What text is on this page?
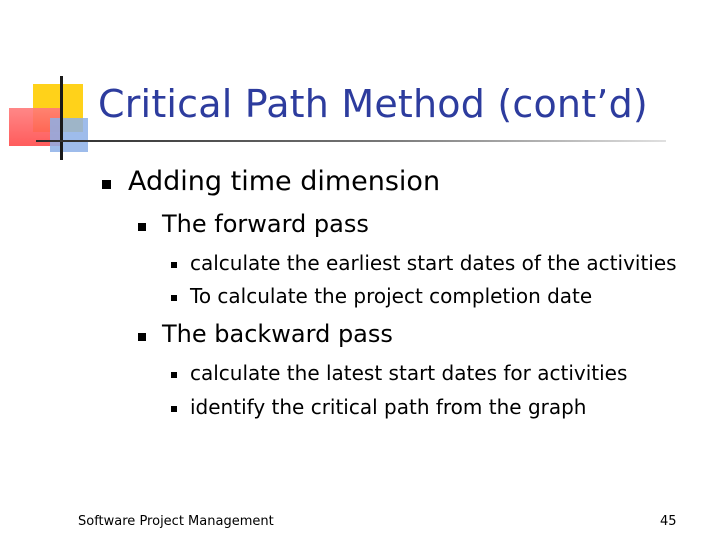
Critical Path Method (cont’d)
Adding time dimension
The forward pass
calculate the earliest start dates of the activities
To calculate the project completion date
The backward pass
calculate the latest start dates for activities
identify the critical path from the graph
Software Project Management	45
